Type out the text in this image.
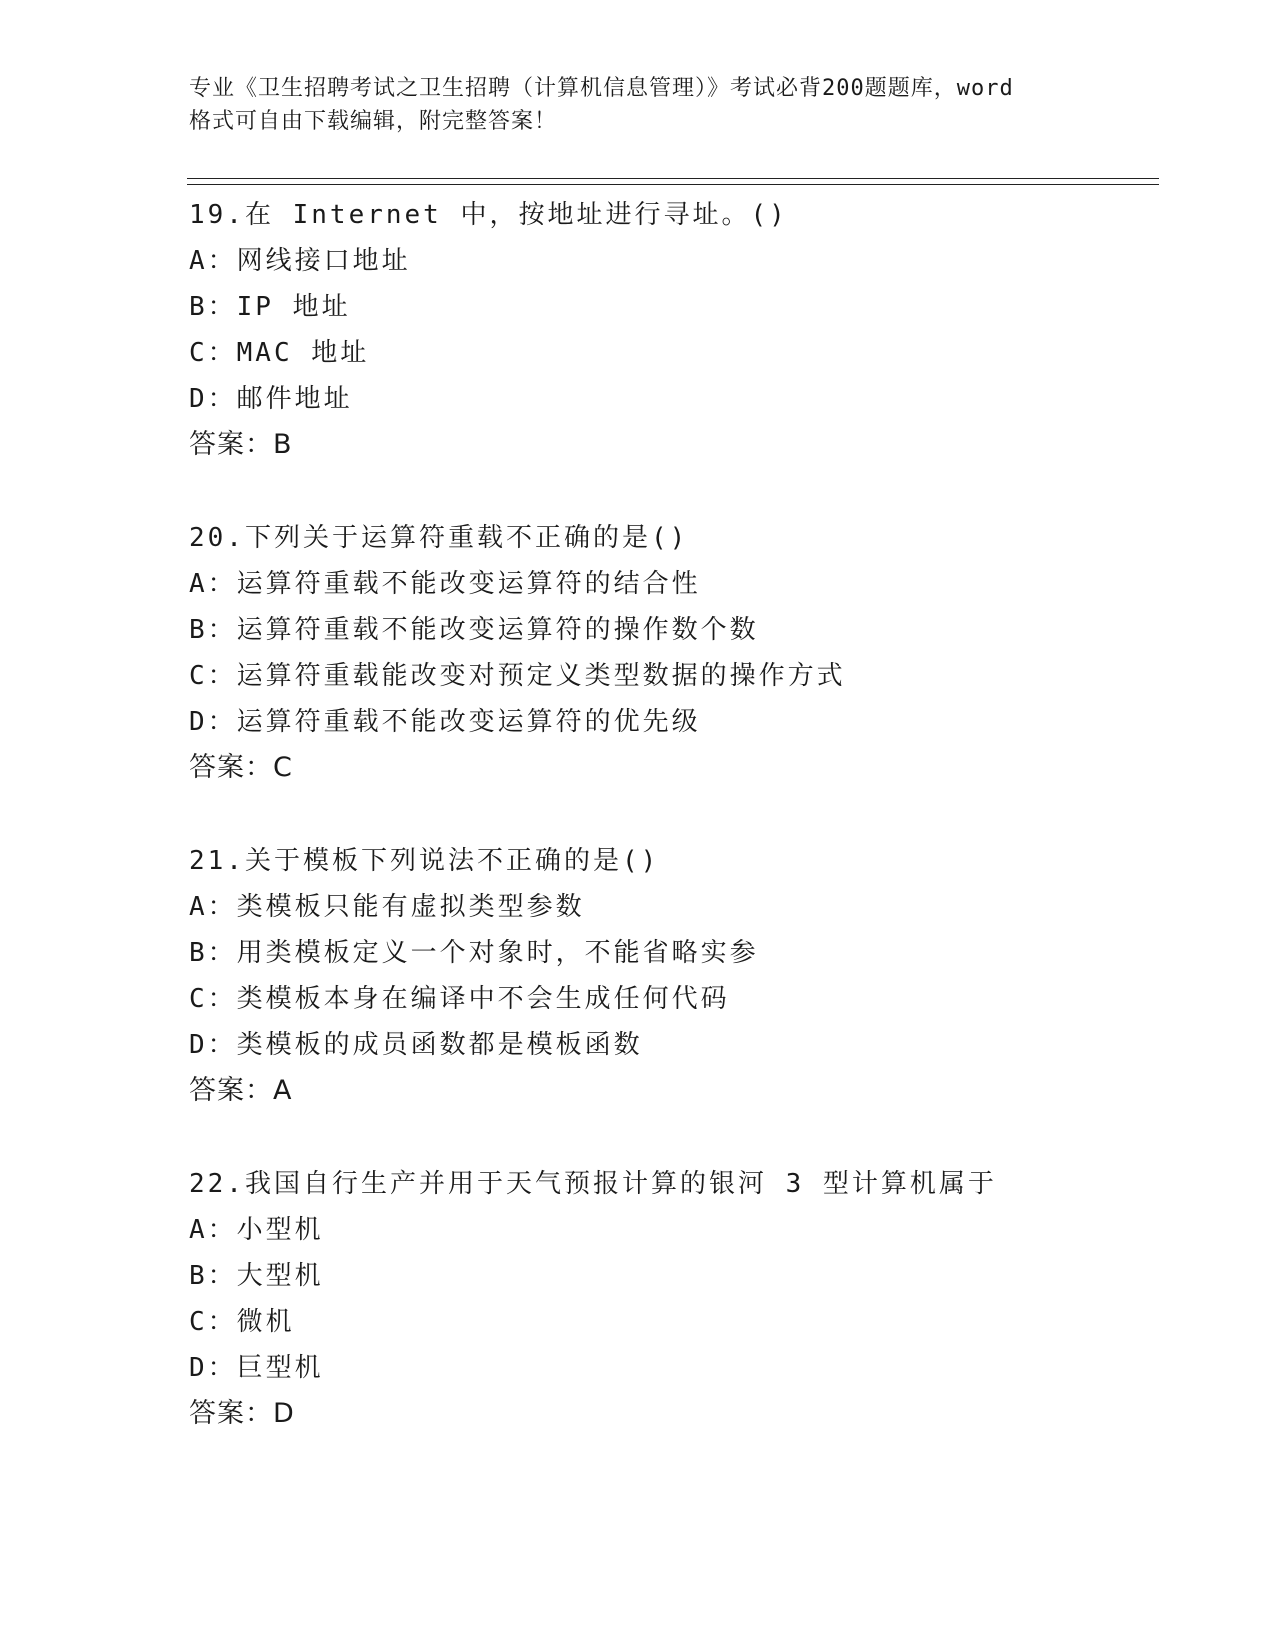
专业《卫生招聘考试之卫生招聘（计算机信息管理）》考试必背200题题库，word
格式可自由下载编辑，附完整答案！
19.在 Internet 中，按地址进行寻址。()
A：网线接口地址
B：IP 地址
C：MAC 地址
D：邮件地址
答案：B
20.下列关于运算符重载不正确的是()
A：运算符重载不能改变运算符的结合性
B：运算符重载不能改变运算符的操作数个数
C：运算符重载能改变对预定义类型数据的操作方式
D：运算符重载不能改变运算符的优先级
答案：C
21.关于模板下列说法不正确的是()
A：类模板只能有虚拟类型参数
B：用类模板定义一个对象时，不能省略实参
C：类模板本身在编译中不会生成任何代码
D：类模板的成员函数都是模板函数
答案：A
22.我国自行生产并用于天气预报计算的银河 3 型计算机属于
A：小型机
B：大型机
C：微机
D：巨型机
答案：D
